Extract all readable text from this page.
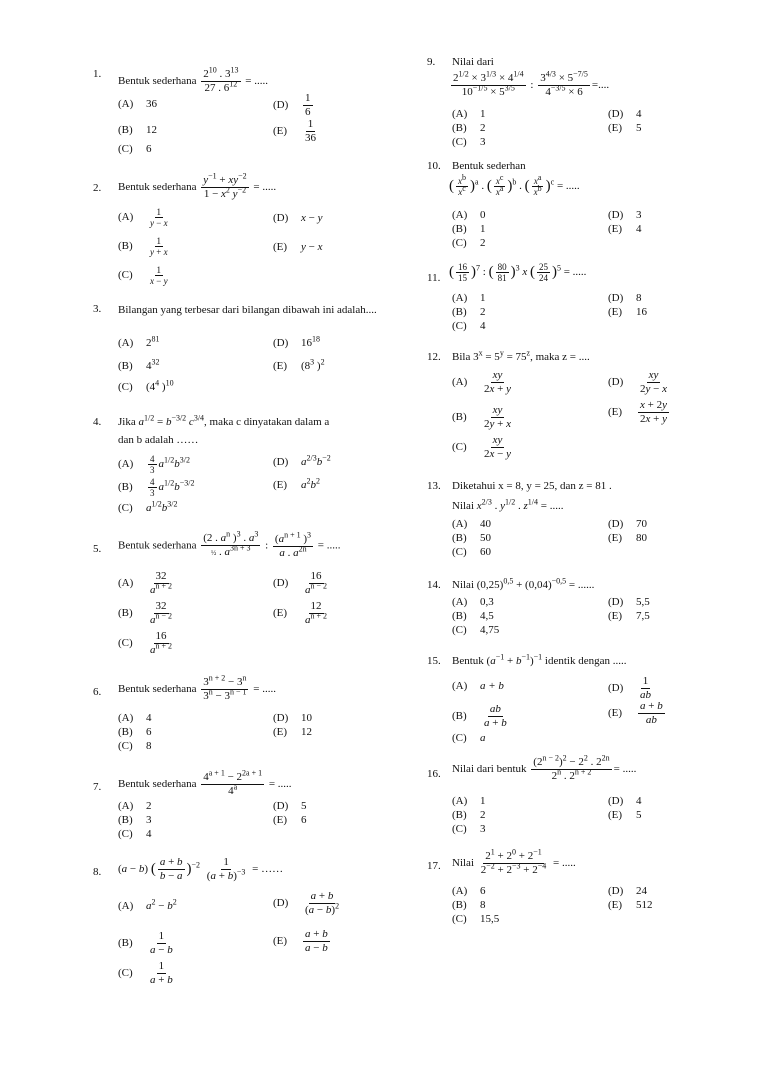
1.
Bentuk sederhana $\frac{2^{10} . 3^{13}}{27 . 6^{12}}$ = .....
(A) 36
(B) 12
(C) 6
$(D) \frac{1}{6}$
$(E) \frac{1}{36}$
2. Bentuk sederhana $\frac{y^{-1} + xy^{-2}}{1 - x^2 y^{-2}}$ = .....
$(A) \frac{1}{y - x}$
$(B) \frac{1}{y + x}$
$(C) \frac{1}{x - y}$
(D) x − y
(E) y − x
3. Bilangan yang terbesar dari bilangan dibawah ini adalah....
(A) $2^{81}$
(B) $4^{32}$
(C) ($4^4$ )$^{10}$
(D) $16^{18}$
(E) ($8^3$ )$^2$
4. Jika $a^{1/2} = b^{-3/2}$ $c^{3/4}$, maka c dinyatakan dalam a
dan b adalah ……
$(A) \frac{4}{3} a^{1/2}b^{3/2}$
$(B) \frac{4}{3} a^{1/2}b^{-3/2}$
(C) $a^{1/2}b^{3/2}$
(D) $a^{2/3}b^{-2}$
(E) $a^2b^2$
5. Bentuk sederhana $\frac{(2 . a^n )^3 . a^3}{\frac{1}{2} . a^{3n + 3}}$ : $\frac{(a^{n + 1} )^3}{a . a^{2n}}$ = .....
$(A) \frac{32}{a^{n + 2}}$
$(B) \frac{32}{a^{n - 2}}$
$(C) \frac{16}{a^{n + 2}}$
$(D) \frac{16}{a^{n - 2}}$
$(E) \frac{12}{a^{n + 2}}$
6. Bentuk sederhana $\frac{3^{n + 2} - 3^n}{3^n - 3^{n - 1}}$ = .....
(A) 4
(B) 6
(C) 8
(D) 10
(E) 12
7. Bentuk sederhana $\frac{4^{a + 1} - 2^{2a + 1}}{4^a}$ = .....
(A) 2
(B) 3
(C) 4
(D) 5
(E) 6
8. (a − b) ( $\frac{a + b}{b - a} )^{-2} \frac{1}{(a + b)^{-3}}$ = ……
(A) $a^2 - b^2$
$(B) \frac{1}{a - b}$
$(C) \frac{1}{a + b}$
$(D) \frac{a + b}{(a - b)^2}$
$(E) \frac{a + b}{a - b}$
9. Nilai dari
$\frac{2^{1/2} \times 3^{1/3} \times 4^{1/4}}{10^{-1/5} \times 5^{3/5}}$ : $\frac{3^{4/3} \times 5^{-7/5}}{4^{-3/5} \times 6}$ =....
(A) 1
(B) 2
(C) 3
(D) 4
(E) 5
10. Bentuk sederhan
( $\frac{x^b}{x^c} )^a$ . ( $\frac{x^c}{x^a} )^b$ . ( $\frac{x^a}{x^b} )^c$ = .....
(A) 0
(B) 1
(C) 2
(D) 3
(E) 4
11. ( $\frac{16}{15} )^7$ : ( $\frac{80}{81} )^3$ x ( $\frac{25}{24} )^5$ = .....
(A) 1
(B) 2
(C) 4
(D) 8
(E) 16
12. Bila $3^x = 5^y = 75^z$, maka z = ....
$(A) \frac{xy}{2x + y}$
$(B) \frac{xy}{2y + x}$
$(C) \frac{xy}{2x - y}$
$(D) \frac{xy}{2y - x}$
$(E) \frac{x + 2y}{2x + y}$
13. Diketahui x = 8, y = 25, dan z = 81 .
Nilai $x^{2/3}$ . $y^{1/2}$ . $z^{1/4}$ = .....
(A) 40
(B) 50
(C) 60
(D) 70
(E) 80
14. Nilai $(0,25)^{0,5} + (0,04)^{-0,5}$ = ......
(A) 0,3
(B) 4,5
(C) 4,75
(D) 5,5
(E) 7,5
15. Bentuk $(a^{-1} + b^{-1})^{-1}$ identik dengan .....
(A) a + b
$(B) \frac{ab}{a + b}$
(C) a
$(D) \frac{1}{ab}$
$(E) \frac{a + b}{ab}$
16. Nilai dari bentuk $\frac{(2^{n - 2})^2 - 2^2 . 2^{2n}}{2^n . 2^{n + 2}}$ = .....
(A) 1
(B) 2
(C) 3
(D) 4
(E) 5
17. Nilai $\frac{2^1 + 2^0 + 2^{-1}}{2^{-2} + 2^{-3} + 2^{-4}}$ = .....
(A) 6
(B) 8
(C) 15,5
(D) 24
(E) 512
